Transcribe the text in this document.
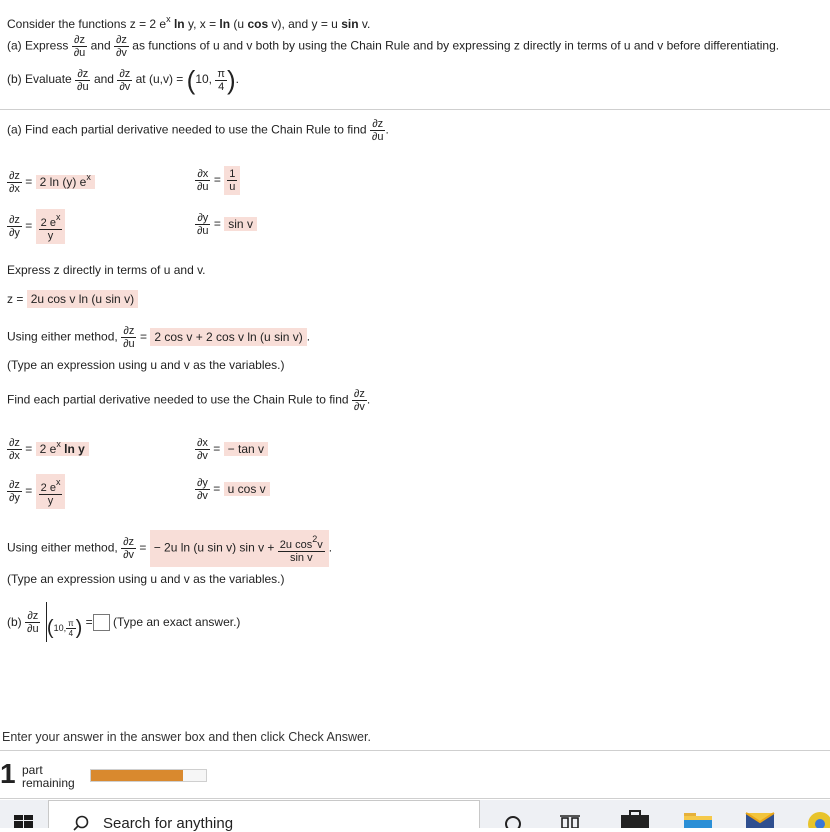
Consider the functions z = 2 $e^x$ ln y, x = ln (u cos v), and y = u sin v.
(a) Express $\frac{\partial z}{\partial u}$ and $\frac{\partial z}{\partial v}$ as functions of u and v both by using the Chain Rule and by expressing z directly in terms of u and v before differentiating.
(b) Evaluate $\frac{\partial z}{\partial u}$ and $\frac{\partial z}{\partial v}$ at (u,v) = (10, $\frac{\pi}{4}$ ).
(a) Find each partial derivative needed to use the Chain Rule to find $\frac{\partial z}{\partial u}$ .
$\frac{\partial z}{\partial x} = 2$ ln (y) $e^x$	$\frac{\partial x}{\partial u} = \frac{1}{u}$
$\frac{\partial z}{\partial y} = \frac{2 e^x}{y}$	$\frac{\partial y}{\partial u} = \sin v$
Express z directly in terms of u and v.
z = 2u cos v ln (u sin v)
Using either method, $\frac{\partial z}{\partial u} = 2$ cos v + 2 cos v ln (u sin v) .
(Type an expression using u and v as the variables.)
Find each partial derivative needed to use the Chain Rule to find $\frac{\partial z}{\partial v}$ .
$\frac{\partial z}{\partial x} = 2$ $e^x$ ln y	$\frac{\partial x}{\partial v}$ = − tan v
$\frac{\partial z}{\partial y} = \frac{2 e^x}{y}$	$\frac{\partial y}{\partial v} = u$ cos v
Using either method, $\frac{\partial z}{\partial v}$ = − 2u ln (u sin v) $\sin v + \frac{2u \cos^2v}{\text{sin v}}$ .
(Type an expression using u and v as the variables.)
$(b) \frac{\partial z}{\partial u} (10$, $\frac{\pi}{4}$ ) = (Type an exact answer.)
Enter your answer in the answer box and then click Check Answer.
1 part
remaining
Search for anything
